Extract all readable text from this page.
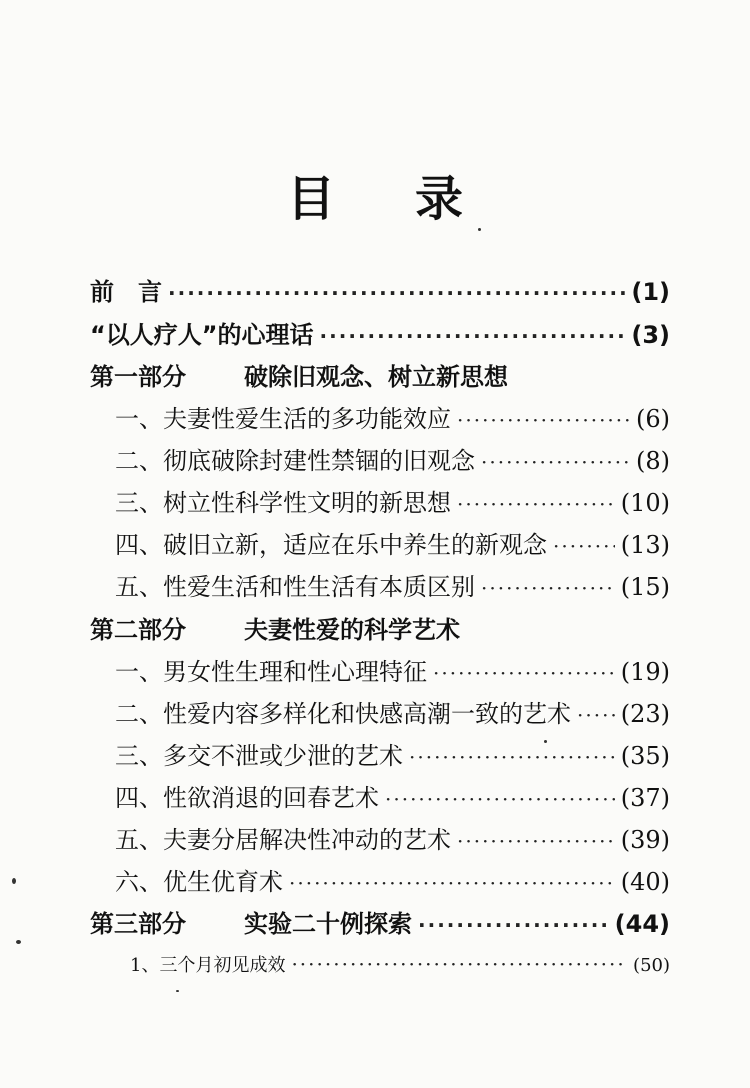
目 录
前　言 ·····	(1)
“以人疗人”的心理话 ·····	(3)
第一部分 破除旧观念、树立新思想
一、夫妻性爱生活的多功能效应 ·····	(6)
二、彻底破除封建性禁锢的旧观念 ·····	(8)
三、树立性科学性文明的新思想 ·····	(10)
四、破旧立新，适应在乐中养生的新观念 ·····	(13)
五、性爱生活和性生活有本质区别 ·····	(15)
第二部分 夫妻性爱的科学艺术
一、男女性生理和性心理特征 ·····	(19)
二、性爱内容多样化和快感高潮一致的艺术 ····· (23)
三、多交不泄或少泄的艺术 ·····	(35)
四、性欲消退的回春艺术 ·····	(37)
五、夫妻分居解决性冲动的艺术 ·····	(39)
六、优生优育术 ·····	(40)
第三部分 实验二十例探索 ·····	(44)
1、三个月初见成效 ·····	(50)
